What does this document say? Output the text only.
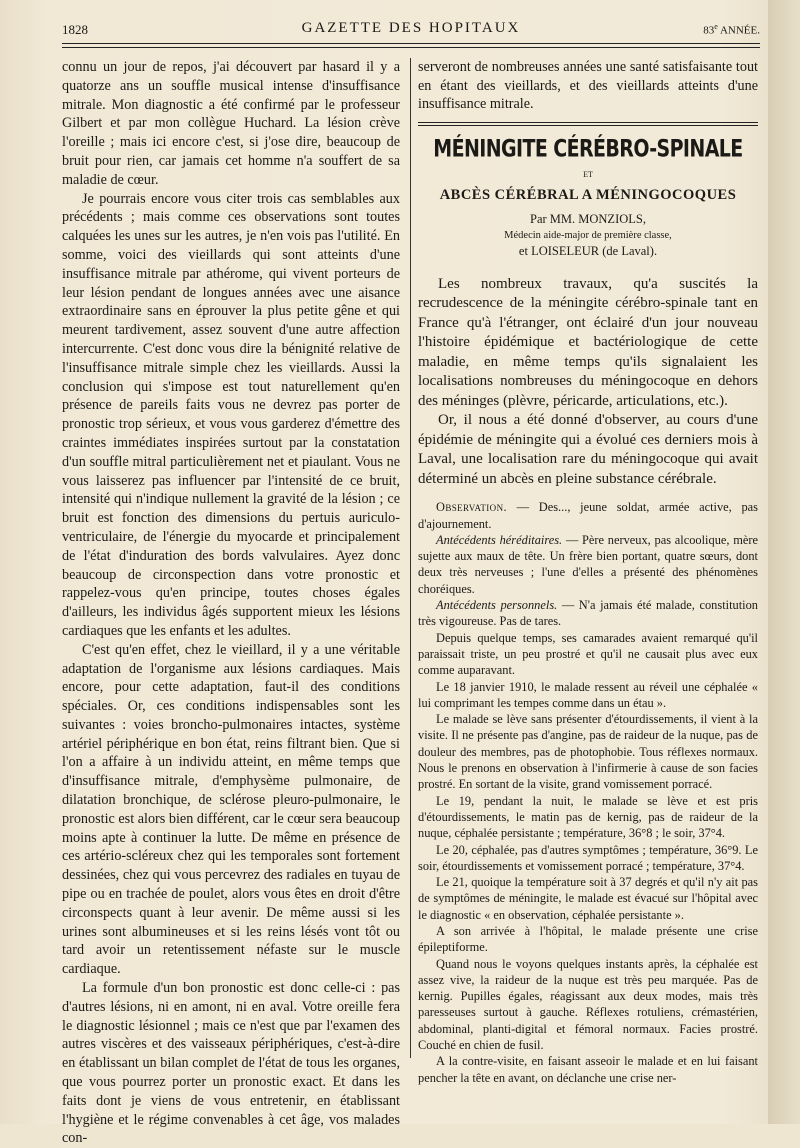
1828	GAZETTE DES HOPITAUX	83e ANNÉE.

connu un jour de repos, j'ai découvert par hasard il y a quatorze ans un souffle musical intense d'insuffisance mitrale. Mon diagnostic a été confirmé par le professeur Gilbert et par mon collègue Huchard. La lésion crève l'oreille ; mais ici encore c'est, si j'ose dire, beaucoup de bruit pour rien, car jamais cet homme n'a souffert de sa maladie de cœur.

Je pourrais encore vous citer trois cas semblables aux précédents ; mais comme ces observations sont toutes calquées les unes sur les autres, je n'en vois pas l'utilité. En somme, voici des vieillards qui sont atteints d'une insuffisance mitrale par athérome, qui vivent porteurs de leur lésion pendant de longues années avec une aisance extraordinaire sans en éprouver la plus petite gêne et qui meurent tardivement, assez souvent d'une autre affection intercurrente. C'est donc vous dire la bénignité relative de l'insuffisance mitrale simple chez les vieillards. Aussi la conclusion qui s'impose est tout naturellement qu'en présence de pareils faits vous ne devrez pas porter de pronostic trop sérieux, et vous vous garderez d'émettre des craintes immédiates inspirées surtout par la constatation d'un souffle mitral particulièrement net et piaulant. Vous ne vous laisserez pas influencer par l'intensité de ce bruit, intensité qui n'indique nullement la gravité de la lésion ; ce bruit est fonction des dimensions du pertuis auriculo-ventriculaire, de l'énergie du myocarde et principalement de l'état d'induration des bords valvulaires. Ayez donc beaucoup de circonspection dans votre pronostic et rappelez-vous qu'en principe, toutes choses égales d'ailleurs, les individus âgés supportent mieux les lésions cardiaques que les enfants et les adultes.

C'est qu'en effet, chez le vieillard, il y a une véritable adaptation de l'organisme aux lésions cardiaques. Mais encore, pour cette adaptation, faut-il des conditions spéciales. Or, ces conditions indispensables sont les suivantes : voies broncho-pulmonaires intactes, système artériel périphérique en bon état, reins filtrant bien. Que si l'on a affaire à un individu atteint, en même temps que d'insuffisance mitrale, d'emphysème pulmonaire, de dilatation bronchique, de sclérose pleuro-pulmonaire, le pronostic est alors bien différent, car le cœur sera beaucoup moins apte à continuer la lutte. De même en présence de ces artério-scléreux chez qui les temporales sont fortement dessinées, chez qui vous percevrez des radiales en tuyau de pipe ou en trachée de poulet, alors vous êtes en droit d'être circonspects quant à leur avenir. De même aussi si les urines sont albumineuses et si les reins lésés vont tôt ou tard avoir un retentissement néfaste sur le muscle cardiaque.

La formule d'un bon pronostic est donc celle-ci : pas d'autres lésions, ni en amont, ni en aval. Votre oreille fera le diagnostic lésionnel ; mais ce n'est que par l'examen des autres viscères et des vaisseaux périphériques, c'est-à-dire en établissant un bilan complet de l'état de tous les organes, que vous pourrez porter un pronostic exact. Et dans les faits dont je viens de vous entretenir, en établissant l'hygiène et le régime convenables à cet âge, vos malades con-

serveront de nombreuses années une santé satisfaisante tout en étant des vieillards, et des vieillards atteints d'une insuffisance mitrale.

MÉNINGITE CÉRÉBRO-SPINALE
ET
ABCÈS CÉRÉBRAL A MÉNINGOCOQUES
Par MM. MONZIOLS,
Médecin aide-major de première classe,
et LOISELEUR (de Laval).

Les nombreux travaux, qu'a suscités la recrudescence de la méningite cérébro-spinale tant en France qu'à l'étranger, ont éclairé d'un jour nouveau l'histoire épidémique et bactériologique de cette maladie, en même temps qu'ils signalaient les localisations nombreuses du méningocoque en dehors des méninges (plèvre, péricarde, articulations, etc.).

Or, il nous a été donné d'observer, au cours d'une épidémie de méningite qui a évolué ces derniers mois à Laval, une localisation rare du méningocoque qui avait déterminé un abcès en pleine substance cérébrale.

Observation. — Des..., jeune soldat, armée active, pas d'ajournement.

Antécédents héréditaires. — Père nerveux, pas alcoolique, mère sujette aux maux de tête. Un frère bien portant, quatre sœurs, dont deux très nerveuses ; l'une d'elles a présenté des phénomènes choréiques.

Antécédents personnels. — N'a jamais été malade, constitution très vigoureuse. Pas de tares.

Depuis quelque temps, ses camarades avaient remarqué qu'il paraissait triste, un peu prostré et qu'il ne causait plus avec eux comme auparavant.

Le 18 janvier 1910, le malade ressent au réveil une céphalée « lui comprimant les tempes comme dans un étau ».

Le malade se lève sans présenter d'étourdissements, il vient à la visite. Il ne présente pas d'angine, pas de raideur de la nuque, pas de douleur des membres, pas de photophobie. Tous réflexes normaux. Nous le prenons en observation à l'infirmerie à cause de son facies prostré. En sortant de la visite, grand vomissement porracé.

Le 19, pendant la nuit, le malade se lève et est pris d'étourdissements, le matin pas de kernig, pas de raideur de la nuque, céphalée persistante ; température, 36°8 ; le soir, 37°4.

Le 20, céphalée, pas d'autres symptômes ; température, 36°9. Le soir, étourdissements et vomissement porracé ; température, 37°4.

Le 21, quoique la température soit à 37 degrés et qu'il n'y ait pas de symptômes de méningite, le malade est évacué sur l'hôpital avec le diagnostic « en observation, céphalée persistante ».

A son arrivée à l'hôpital, le malade présente une crise épileptiforme.

Quand nous le voyons quelques instants après, la céphalée est assez vive, la raideur de la nuque est très peu marquée. Pas de kernig. Pupilles égales, réagissant aux deux modes, mais très paresseuses surtout à gauche. Réflexes rotuliens, crémastérien, abdominal, planti-digital et fémoral normaux. Facies prostré. Couché en chien de fusil.

A la contre-visite, en faisant asseoir le malade et en lui faisant pencher la tête en avant, on déclanche une crise ner-
